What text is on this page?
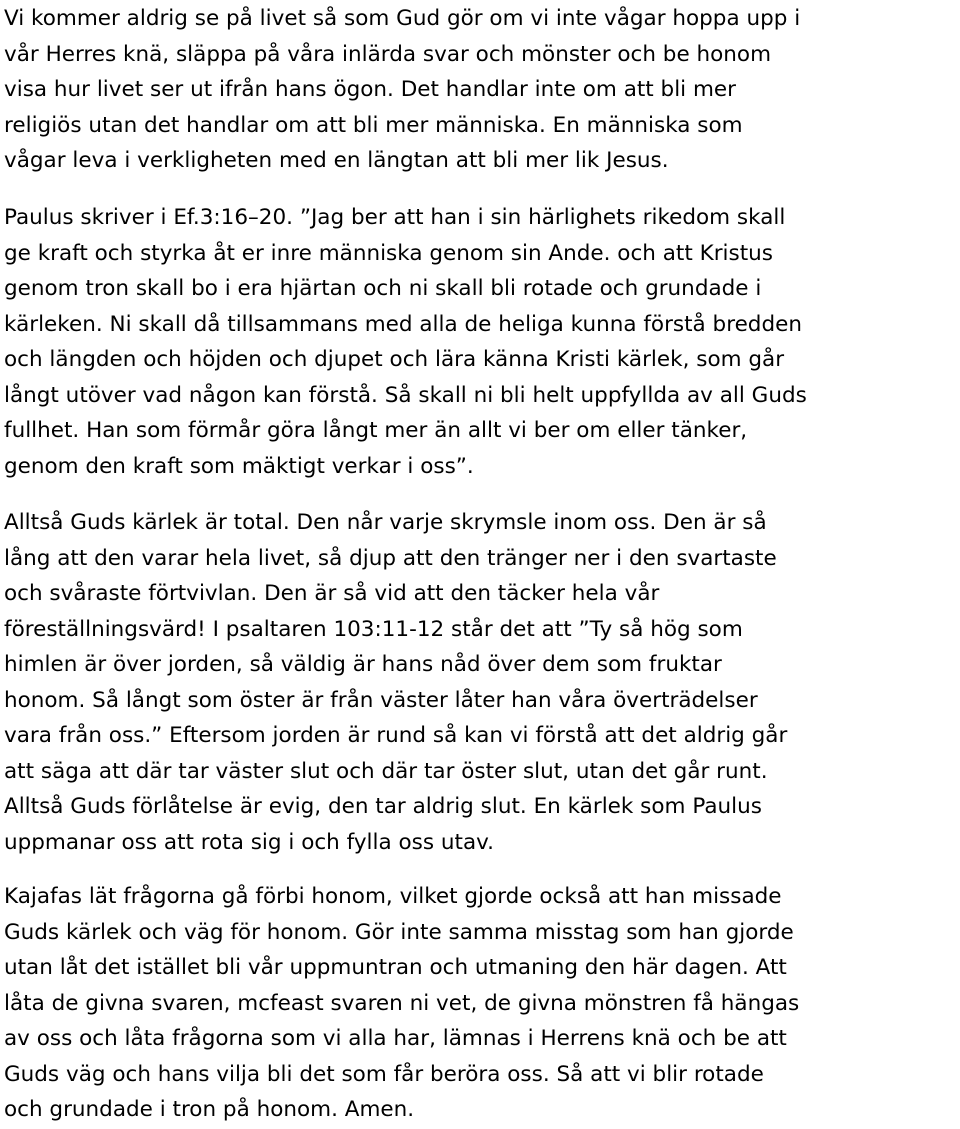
Vi kommer aldrig se på livet så som Gud gör om vi inte vågar hoppa upp i
vår Herres knä, släppa på våra inlärda svar och mönster och be honom
visa hur livet ser ut ifrån hans ögon. Det handlar inte om att bli mer
religiös utan det handlar om att bli mer människa. En människa som
vågar leva i verkligheten med en längtan att bli mer lik Jesus.
Paulus skriver i Ef.3:16–20. ”Jag ber att han i sin härlighets rikedom skall
ge kraft och styrka åt er inre människa genom sin Ande. och att Kristus
genom tron skall bo i era hjärtan och ni skall bli rotade och grundade i
kärleken. Ni skall då tillsammans med alla de heliga kunna förstå bredden
och längden och höjden och djupet och lära känna Kristi kärlek, som går
långt utöver vad någon kan förstå. Så skall ni bli helt uppfyllda av all Guds
fullhet. Han som förmår göra långt mer än allt vi ber om eller tänker,
genom den kraft som mäktigt verkar i oss”.
Alltså Guds kärlek är total. Den når varje skrymsle inom oss. Den är så
lång att den varar hela livet, så djup att den tränger ner i den svartaste
och svåraste förtvivlan. Den är så vid att den täcker hela vår
föreställningsvärd! I psaltaren 103:11-12 står det att ”Ty så hög som
himlen är över jorden, så väldig är hans nåd över dem som fruktar
honom. Så långt som öster är från väster låter han våra överträdelser
vara från oss.” Eftersom jorden är rund så kan vi förstå att det aldrig går
att säga att där tar väster slut och där tar öster slut, utan det går runt.
Alltså Guds förlåtelse är evig, den tar aldrig slut. En kärlek som Paulus
uppmanar oss att rota sig i och fylla oss utav.
Kajafas lät frågorna gå förbi honom, vilket gjorde också att han missade
Guds kärlek och väg för honom. Gör inte samma misstag som han gjorde
utan låt det istället bli vår uppmuntran och utmaning den här dagen. Att
låta de givna svaren, mcfeast svaren ni vet, de givna mönstren få hängas
av oss och låta frågorna som vi alla har, lämnas i Herrens knä och be att
Guds väg och hans vilja bli det som får beröra oss. Så att vi blir rotade
och grundade i tron på honom. Amen.
